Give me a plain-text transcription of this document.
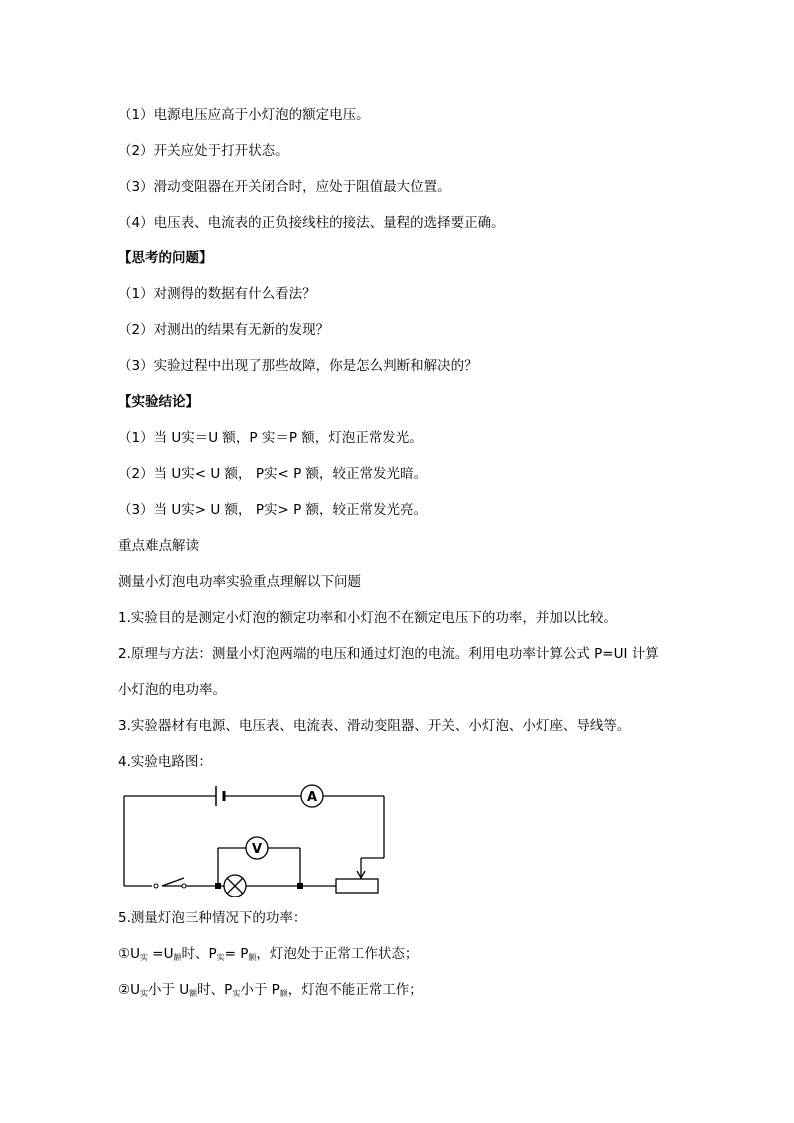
（1）电源电压应高于小灯泡的额定电压。
（2）开关应处于打开状态。
（3）滑动变阻器在开关闭合时，应处于阻值最大位置。
（4）电压表、电流表的正负接线柱的接法、量程的选择要正确。
【思考的问题】
（1）对测得的数据有什么看法？
（2）对测出的结果有无新的发现？
（3）实验过程中出现了那些故障，你是怎么判断和解决的？
【实验结论】
（1）当 U实＝U 额，P 实＝P 额，灯泡正常发光。
（2）当 U实< U 额， P实< P 额，较正常发光暗。
（3）当 U实> U 额， P实> P 额，较正常发光亮。
重点难点解读
测量小灯泡电功率实验重点理解以下问题
1.实验目的是测定小灯泡的额定功率和小灯泡不在额定电压下的功率，并加以比较。
2.原理与方法：测量小灯泡两端的电压和通过灯泡的电流。利用电功率计算公式 P=UI 计算
小灯泡的电功率。
3.实验器材有电源、电压表、电流表、滑动变阻器、开关、小灯泡、小灯座、导线等。
4.实验电路图：
A
V
5.测量灯泡三种情况下的功率：
$①U_实 =U_额$时、$P_实= P_额$，灯泡处于正常工作状态；
$②U_实$小于 $U_额$时、$P_实$小于 $P_额$，灯泡不能正常工作；
